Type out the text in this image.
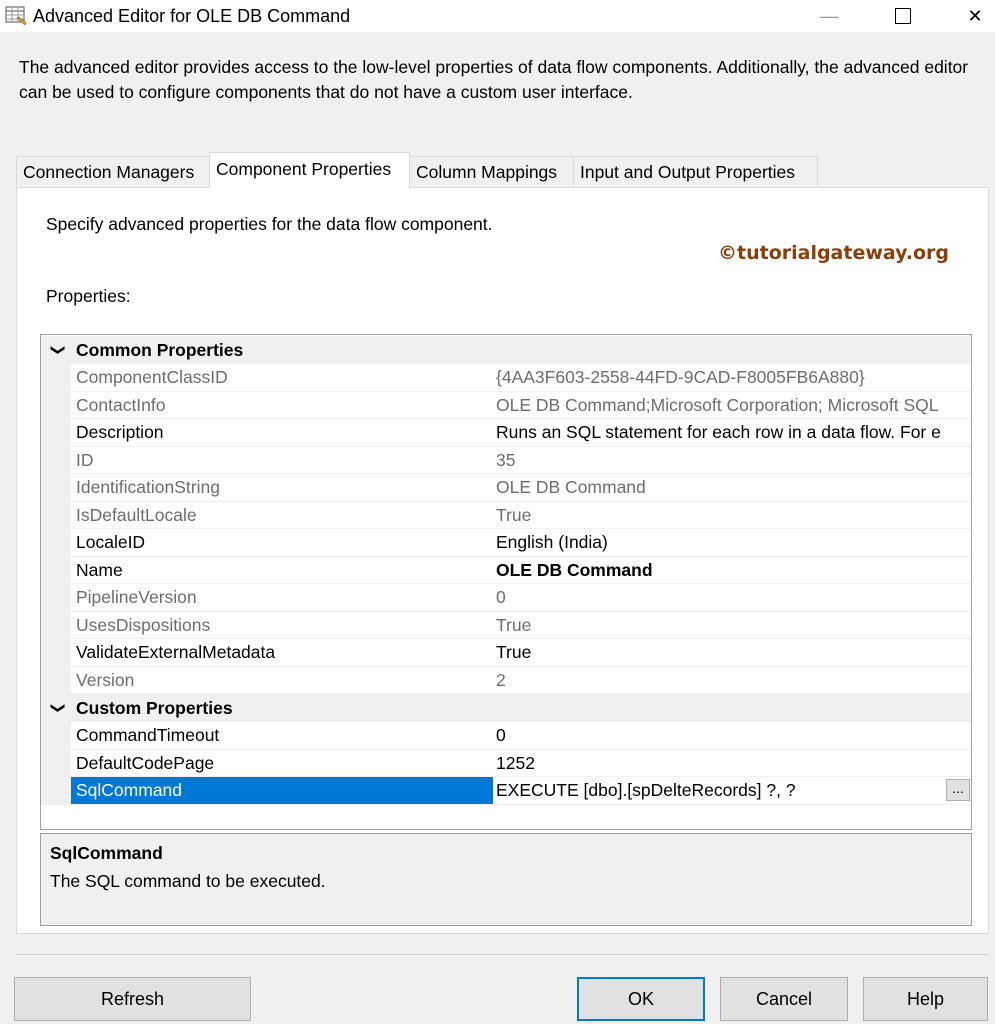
Advanced Editor for OLE DB Command	—	✕
The advanced editor provides access to the low-level properties of data flow components. Additionally, the advanced editor can be used to configure components that do not have a custom user interface.
Connection Managers	Component Properties	Column Mappings	Input and Output Properties
Specify advanced properties for the data flow component.
©tutorialgateway.org
Properties:
❯ Common Properties
ComponentClassID	{4AA3F603-2558-44FD-9CAD-F8005FB6A880}
ContactInfo	OLE DB Command;Microsoft Corporation; Microsoft SQL
Description	Runs an SQL statement for each row in a data flow. For e
ID	35
IdentificationString	OLE DB Command
IsDefaultLocale	True
LocaleID	English (India)
Name	OLE DB Command
PipelineVersion	0
UsesDispositions	True
ValidateExternalMetadata	True
Version	2
❯ Custom Properties
CommandTimeout	0
DefaultCodePage	1252
SqlCommand	EXECUTE [dbo].[spDelteRecords] ?, ?	...
SqlCommand
The SQL command to be executed.
Refresh	OK	Cancel	Help
